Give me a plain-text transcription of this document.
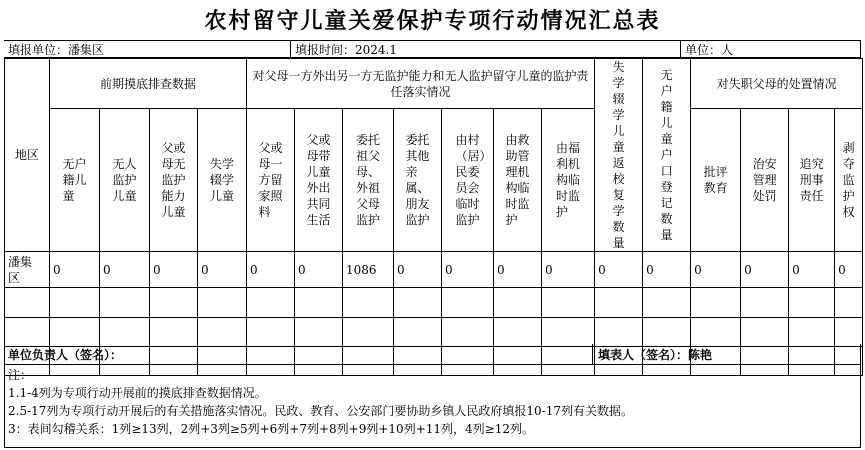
农村留守儿童关爱保护专项行动情况汇总表
填报单位：潘集区	填报时间：2024.1	单位：人
地区	前期摸底排查数据				对父母一方外出另一方无监护能力和无人监护留守儿童的监护责任落实情况							失学辍学儿童返校复学数量	无户籍儿童户口登记数量	对失职父母的处置情况			

	无户籍儿童	无人监护儿童	父或母无监护能力儿童	失学辍学儿童	父或母一方留家照料	父或母带儿童外出共同生活	委托祖父母、外祖父母监护	委托其他亲属、朋友监护	由村（居）民委员会临时监护	由救助管理机构临时监护	由福利机构临时监护			批评教育	治安管理处罚	追究刑事责任	剥夺监护权

潘集区	0	0	0	0	0	0	1086	0	0	0	0	0	0	0	0	0	0

单位负责人（签名）：	填表人（签名）：陈艳
注：
1.1-4列为专项行动开展前的摸底排查数据情况。
2.5-17列为专项行动开展后的有关措施落实情况。民政、教育、公安部门要协助乡镇人民政府填报10-17列有关数据。
3：表间勾稽关系：1列≥13列，2列+3列≥5列+6列+7列+8列+9列+10列+11列，4列≥12列。
